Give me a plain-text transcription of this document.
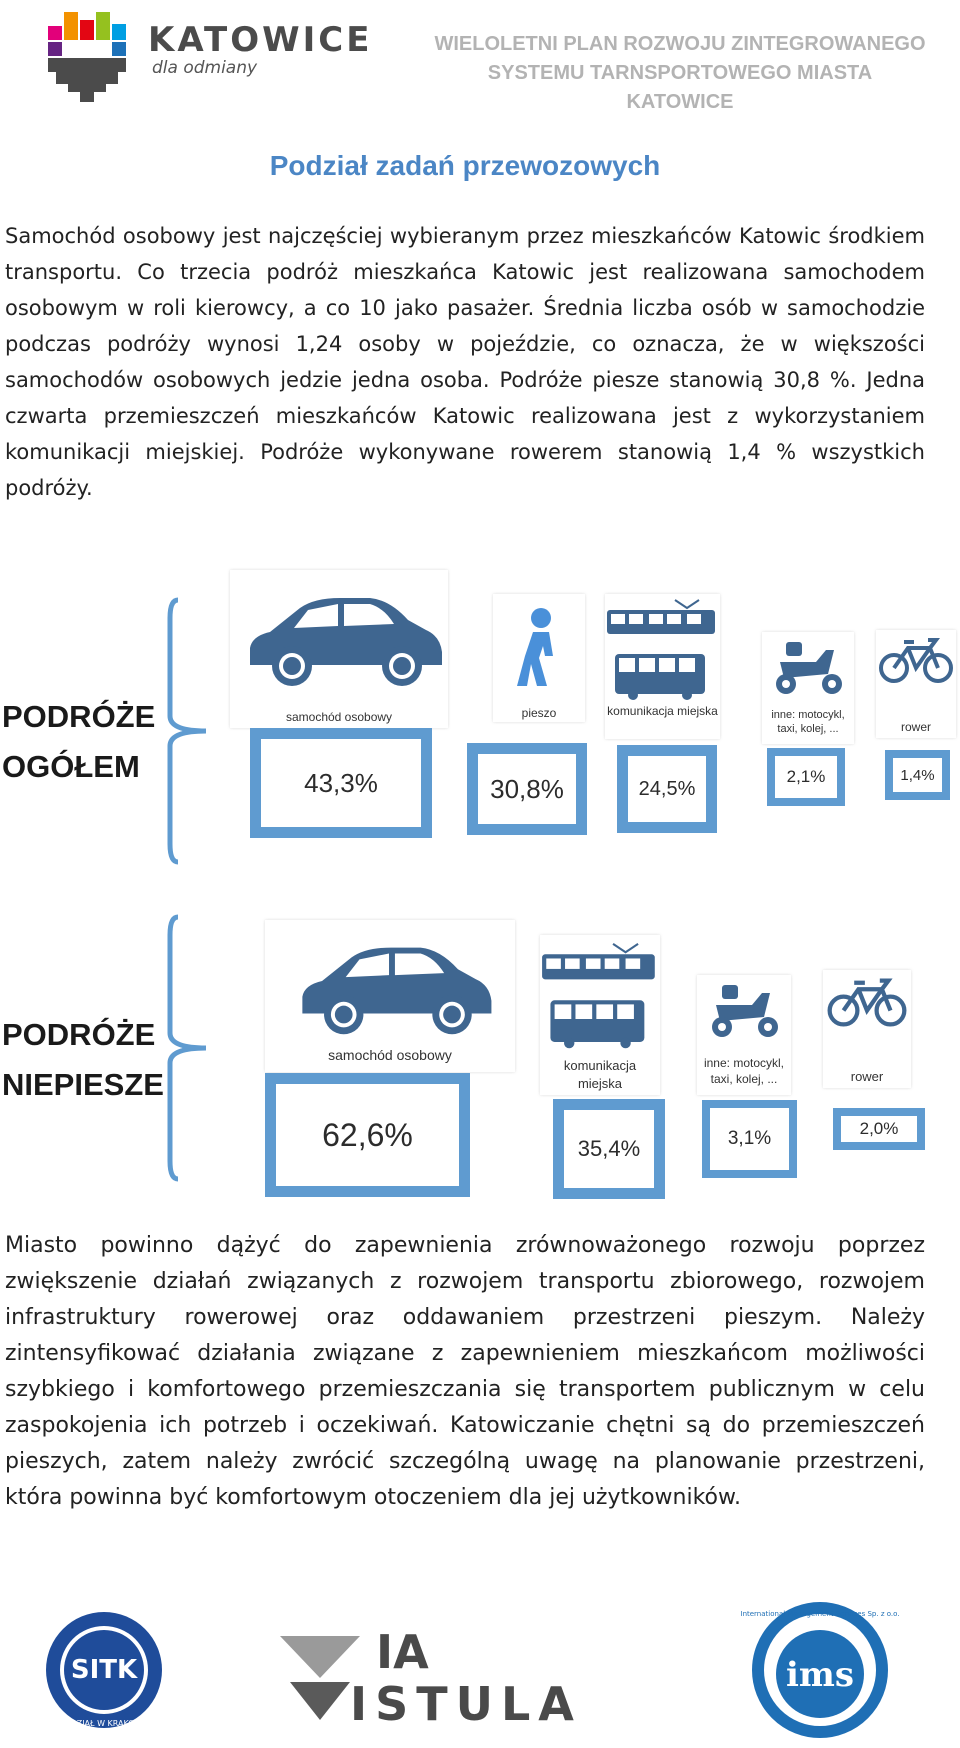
KATOWICE
dla odmiany
WIELOLETNI PLAN ROZWOJU ZINTEGROWANEGO
SYSTEMU TARNSPORTOWEGO MIASTA
KATOWICE
Podział zadań przewozowych
Samochód osobowy jest najczęściej wybieranym przez mieszkańców Katowic środkiem transportu. Co trzecia podróż mieszkańca Katowic jest realizowana samochodem osobowym w roli kierowcy, a co 10 jako pasażer. Średnia liczba osób w samochodzie podczas podróży wynosi 1,24 osoby w pojeździe, co oznacza, że w większości samochodów osobowych jedzie jedna osoba. Podróże piesze stanowią 30,8 %. Jedna czwarta przemieszczeń mieszkańców Katowic realizowana jest z wykorzystaniem komunikacji miejskiej. Podróże wykonywane rowerem stanowią 1,4 % wszystkich podróży.
PODRÓŻE
OGÓŁEM
samochód osobowy
43,3%
pieszo
30,8%
komunikacja miejska
24,5%
inne: motocykl, taxi, kolej, ...
2,1%
rower
1,4%
PODRÓŻE
NIEPIESZE
samochód osobowy
62,6%
komunikacja miejska
35,4%
inne: motocykl, taxi, kolej, ...
3,1%
rower
2,0%
Miasto powinno dążyć do zapewnienia zrównoważonego rozwoju poprzez zwiększenie działań związanych z rozwojem transportu zbiorowego, rozwojem infrastruktury rowerowej oraz oddawaniem przestrzeni pieszym. Należy zintensyfikować działania związane z zapewnieniem mieszkańcom możliwości szybkiego i komfortowego przemieszczania się transportem publicznym w celu zaspokojenia ich potrzeb i oczekiwań. Katowiczanie chętni są do przemieszczeń pieszych, zatem należy zwrócić szczególną uwagę na planowanie przestrzeni, która powinna być komfortowym otoczeniem dla jej użytkowników.
SITK
ODDZIAŁ W KRAKOWIE
IA
ISTULA
ims
International Management Services Sp. z o.o.
